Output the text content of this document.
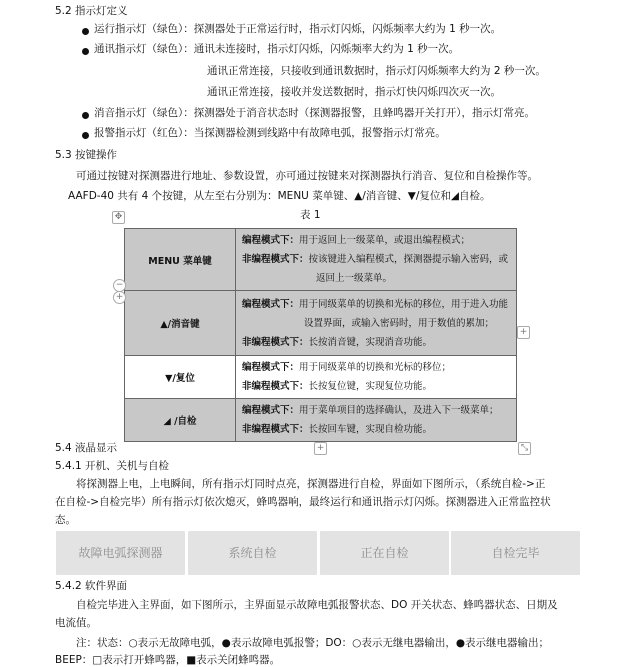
5.2 指示灯定义
运行指示灯（绿色）：探测器处于正常运行时，指示灯闪烁，闪烁频率大约为 1 秒一次。
通讯指示灯（绿色）：通讯未连接时，指示灯闪烁，闪烁频率大约为 1 秒一次。
通讯正常连接，只接收到通讯数据时，指示灯闪烁频率大约为 2 秒一次。
通讯正常连接，接收并发送数据时，指示灯快闪烁四次灭一次。
消音指示灯（绿色）：探测器处于消音状态时（探测器报警，且蜂鸣器开关打开），指示灯常亮。
报警指示灯（红色）：当探测器检测到线路中有故障电弧，报警指示灯常亮。
5.3 按键操作
可通过按键对探测器进行地址、参数设置，亦可通过按键来对探测器执行消音、复位和自检操作等。
AAFD-40 共有 4 个按键，从左至右分别为：MENU 菜单键、▲/消音键、▼/复位和◢自检。
✥	表 1
MENU 菜单键	编程模式下：用于返回上一级菜单，或退出编程模式；
非编程模式下：按该键进入编程模式，探测器提示输入密码，或
返回上一级菜单。

▲/消音键	编程模式下：用于同级菜单的切换和光标的移位，用于进入功能
设置界面，或输入密码时，用于数值的累加；
非编程模式下：长按消音键，实现消音功能。

▼/复位	编程模式下：用于同级菜单的切换和光标的移位；
非编程模式下：长按复位键，实现复位功能。

◢ /自检	编程模式下：用于菜单项目的选择确认，及进入下一级菜单；
非编程模式下：长按回车键，实现自检功能。
−
+
+
+	⤡
5.4 液晶显示
5.4.1 开机、关机与自检
将探测器上电，上电瞬间，所有指示灯同时点亮，探测器进行自检，界面如下图所示，（系统自检->正
在自检->自检完毕）所有指示灯依次熄灭，蜂鸣器响，最终运行和通讯指示灯闪烁。探测器进入正常监控状
态。
故障电弧探测器	系统自检	正在自检	自检完毕
5.4.2 软件界面
自检完毕进入主界面，如下图所示，主界面显示故障电弧报警状态、DO 开关状态、蜂鸣器状态、日期及
电流值。
注：状态：○表示无故障电弧，●表示故障电弧报警；DO：○表示无继电器输出，●表示继电器输出；
BEEP：□表示打开蜂鸣器，■表示关闭蜂鸣器。
